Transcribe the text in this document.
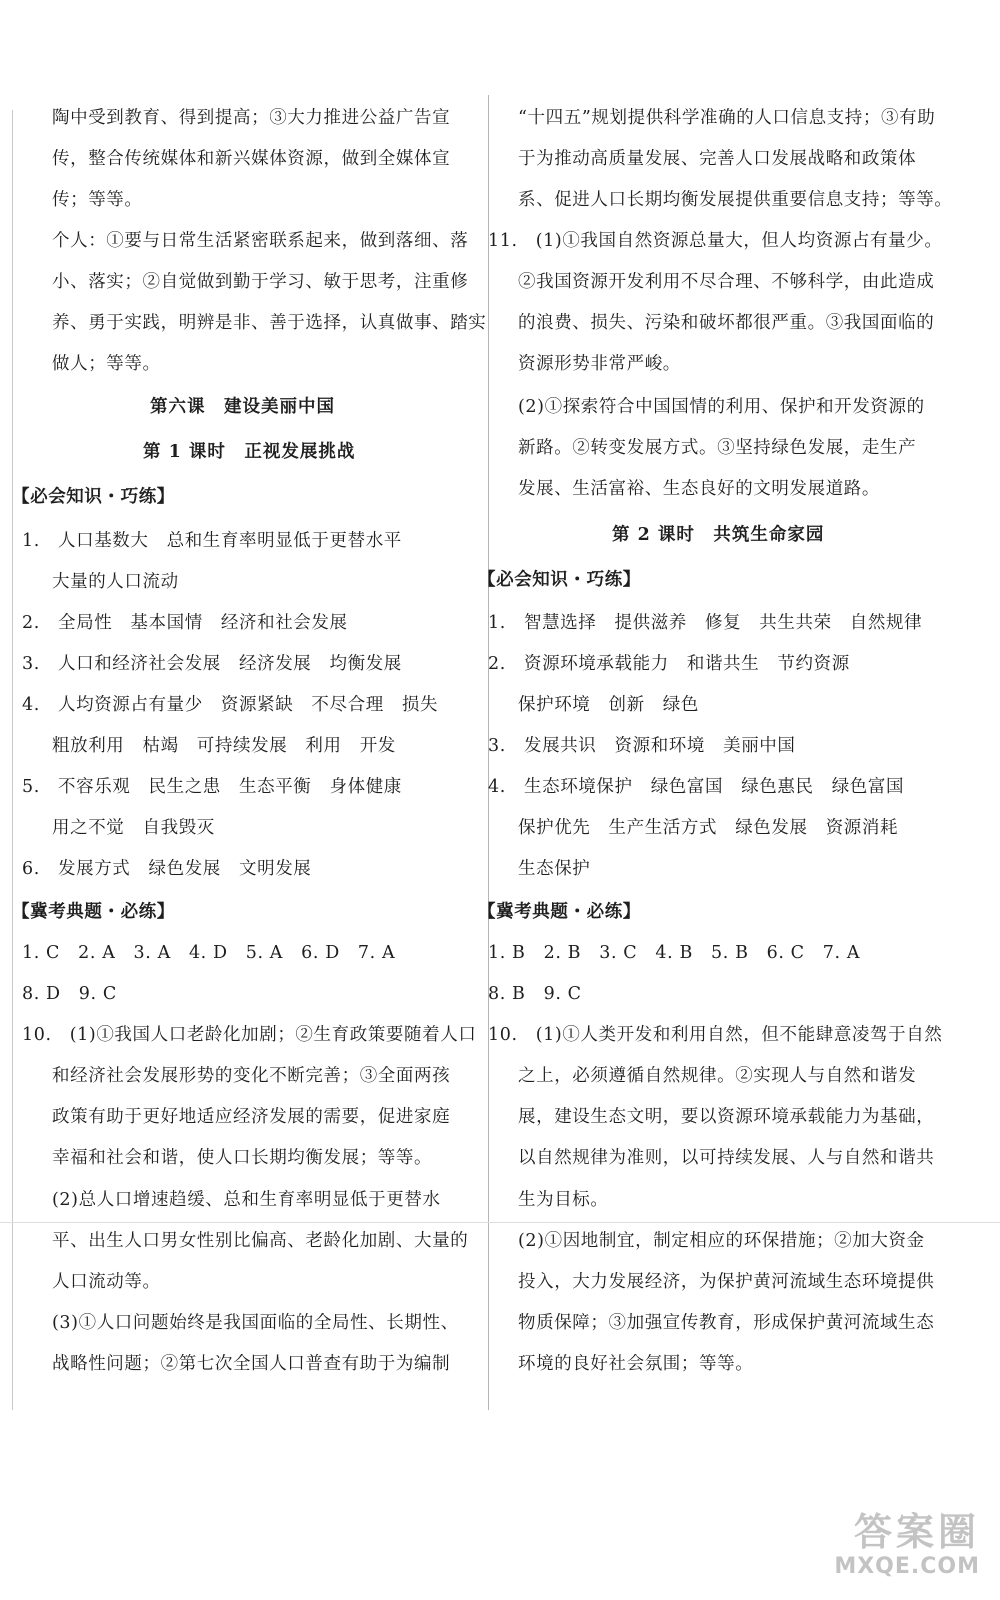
陶中受到教育、得到提高；③大力推进公益广告宣
传，整合传统媒体和新兴媒体资源，做到全媒体宣
传；等等。
个人：①要与日常生活紧密联系起来，做到落细、落
小、落实；②自觉做到勤于学习、敏于思考，注重修
养、勇于实践，明辨是非、善于选择，认真做事、踏实
做人；等等。
第六课　建设美丽中国
第 1 课时　正视发展挑战
【必会知识・巧练】
1.　人口基数大　总和生育率明显低于更替水平
大量的人口流动
2.　全局性　基本国情　经济和社会发展
3.　人口和经济社会发展　经济发展　均衡发展
4.　人均资源占有量少　资源紧缺　不尽合理　损失
粗放利用　枯竭　可持续发展　利用　开发
5.　不容乐观　民生之患　生态平衡　身体健康
用之不觉　自我毁灭
6.　发展方式　绿色发展　文明发展
【冀考典题・必练】
1. C　2. A　3. A　4. D　5. A　6. D　7. A
8. D　9. C
10.　(1)①我国人口老龄化加剧；②生育政策要随着人口
和经济社会发展形势的变化不断完善；③全面两孩
政策有助于更好地适应经济发展的需要，促进家庭
幸福和社会和谐，使人口长期均衡发展；等等。
(2)总人口增速趋缓、总和生育率明显低于更替水
平、出生人口男女性别比偏高、老龄化加剧、大量的
人口流动等。
(3)①人口问题始终是我国面临的全局性、长期性、
战略性问题；②第七次全国人口普查有助于为编制
“十四五”规划提供科学准确的人口信息支持；③有助
于为推动高质量发展、完善人口发展战略和政策体
系、促进人口长期均衡发展提供重要信息支持；等等。
11.　(1)①我国自然资源总量大，但人均资源占有量少。
②我国资源开发利用不尽合理、不够科学，由此造成
的浪费、损失、污染和破坏都很严重。③我国面临的
资源形势非常严峻。
(2)①探索符合中国国情的利用、保护和开发资源的
新路。②转变发展方式。③坚持绿色发展，走生产
发展、生活富裕、生态良好的文明发展道路。
第 2 课时　共筑生命家园
【必会知识・巧练】
1.　智慧选择　提供滋养　修复　共生共荣　自然规律
2.　资源环境承载能力　和谐共生　节约资源
保护环境　创新　绿色
3.　发展共识　资源和环境　美丽中国
4.　生态环境保护　绿色富国　绿色惠民　绿色富国
保护优先　生产生活方式　绿色发展　资源消耗
生态保护
【冀考典题・必练】
1. B　2. B　3. C　4. B　5. B　6. C　7. A
8. B　9. C
10.　(1)①人类开发和利用自然，但不能肆意凌驾于自然
之上，必须遵循自然规律。②实现人与自然和谐发
展，建设生态文明，要以资源环境承载能力为基础，
以自然规律为准则，以可持续发展、人与自然和谐共
生为目标。
(2)①因地制宜，制定相应的环保措施；②加大资金
投入，大力发展经济，为保护黄河流域生态环境提供
物质保障；③加强宣传教育，形成保护黄河流域生态
环境的良好社会氛围；等等。
答案圈
MXQE.COM
